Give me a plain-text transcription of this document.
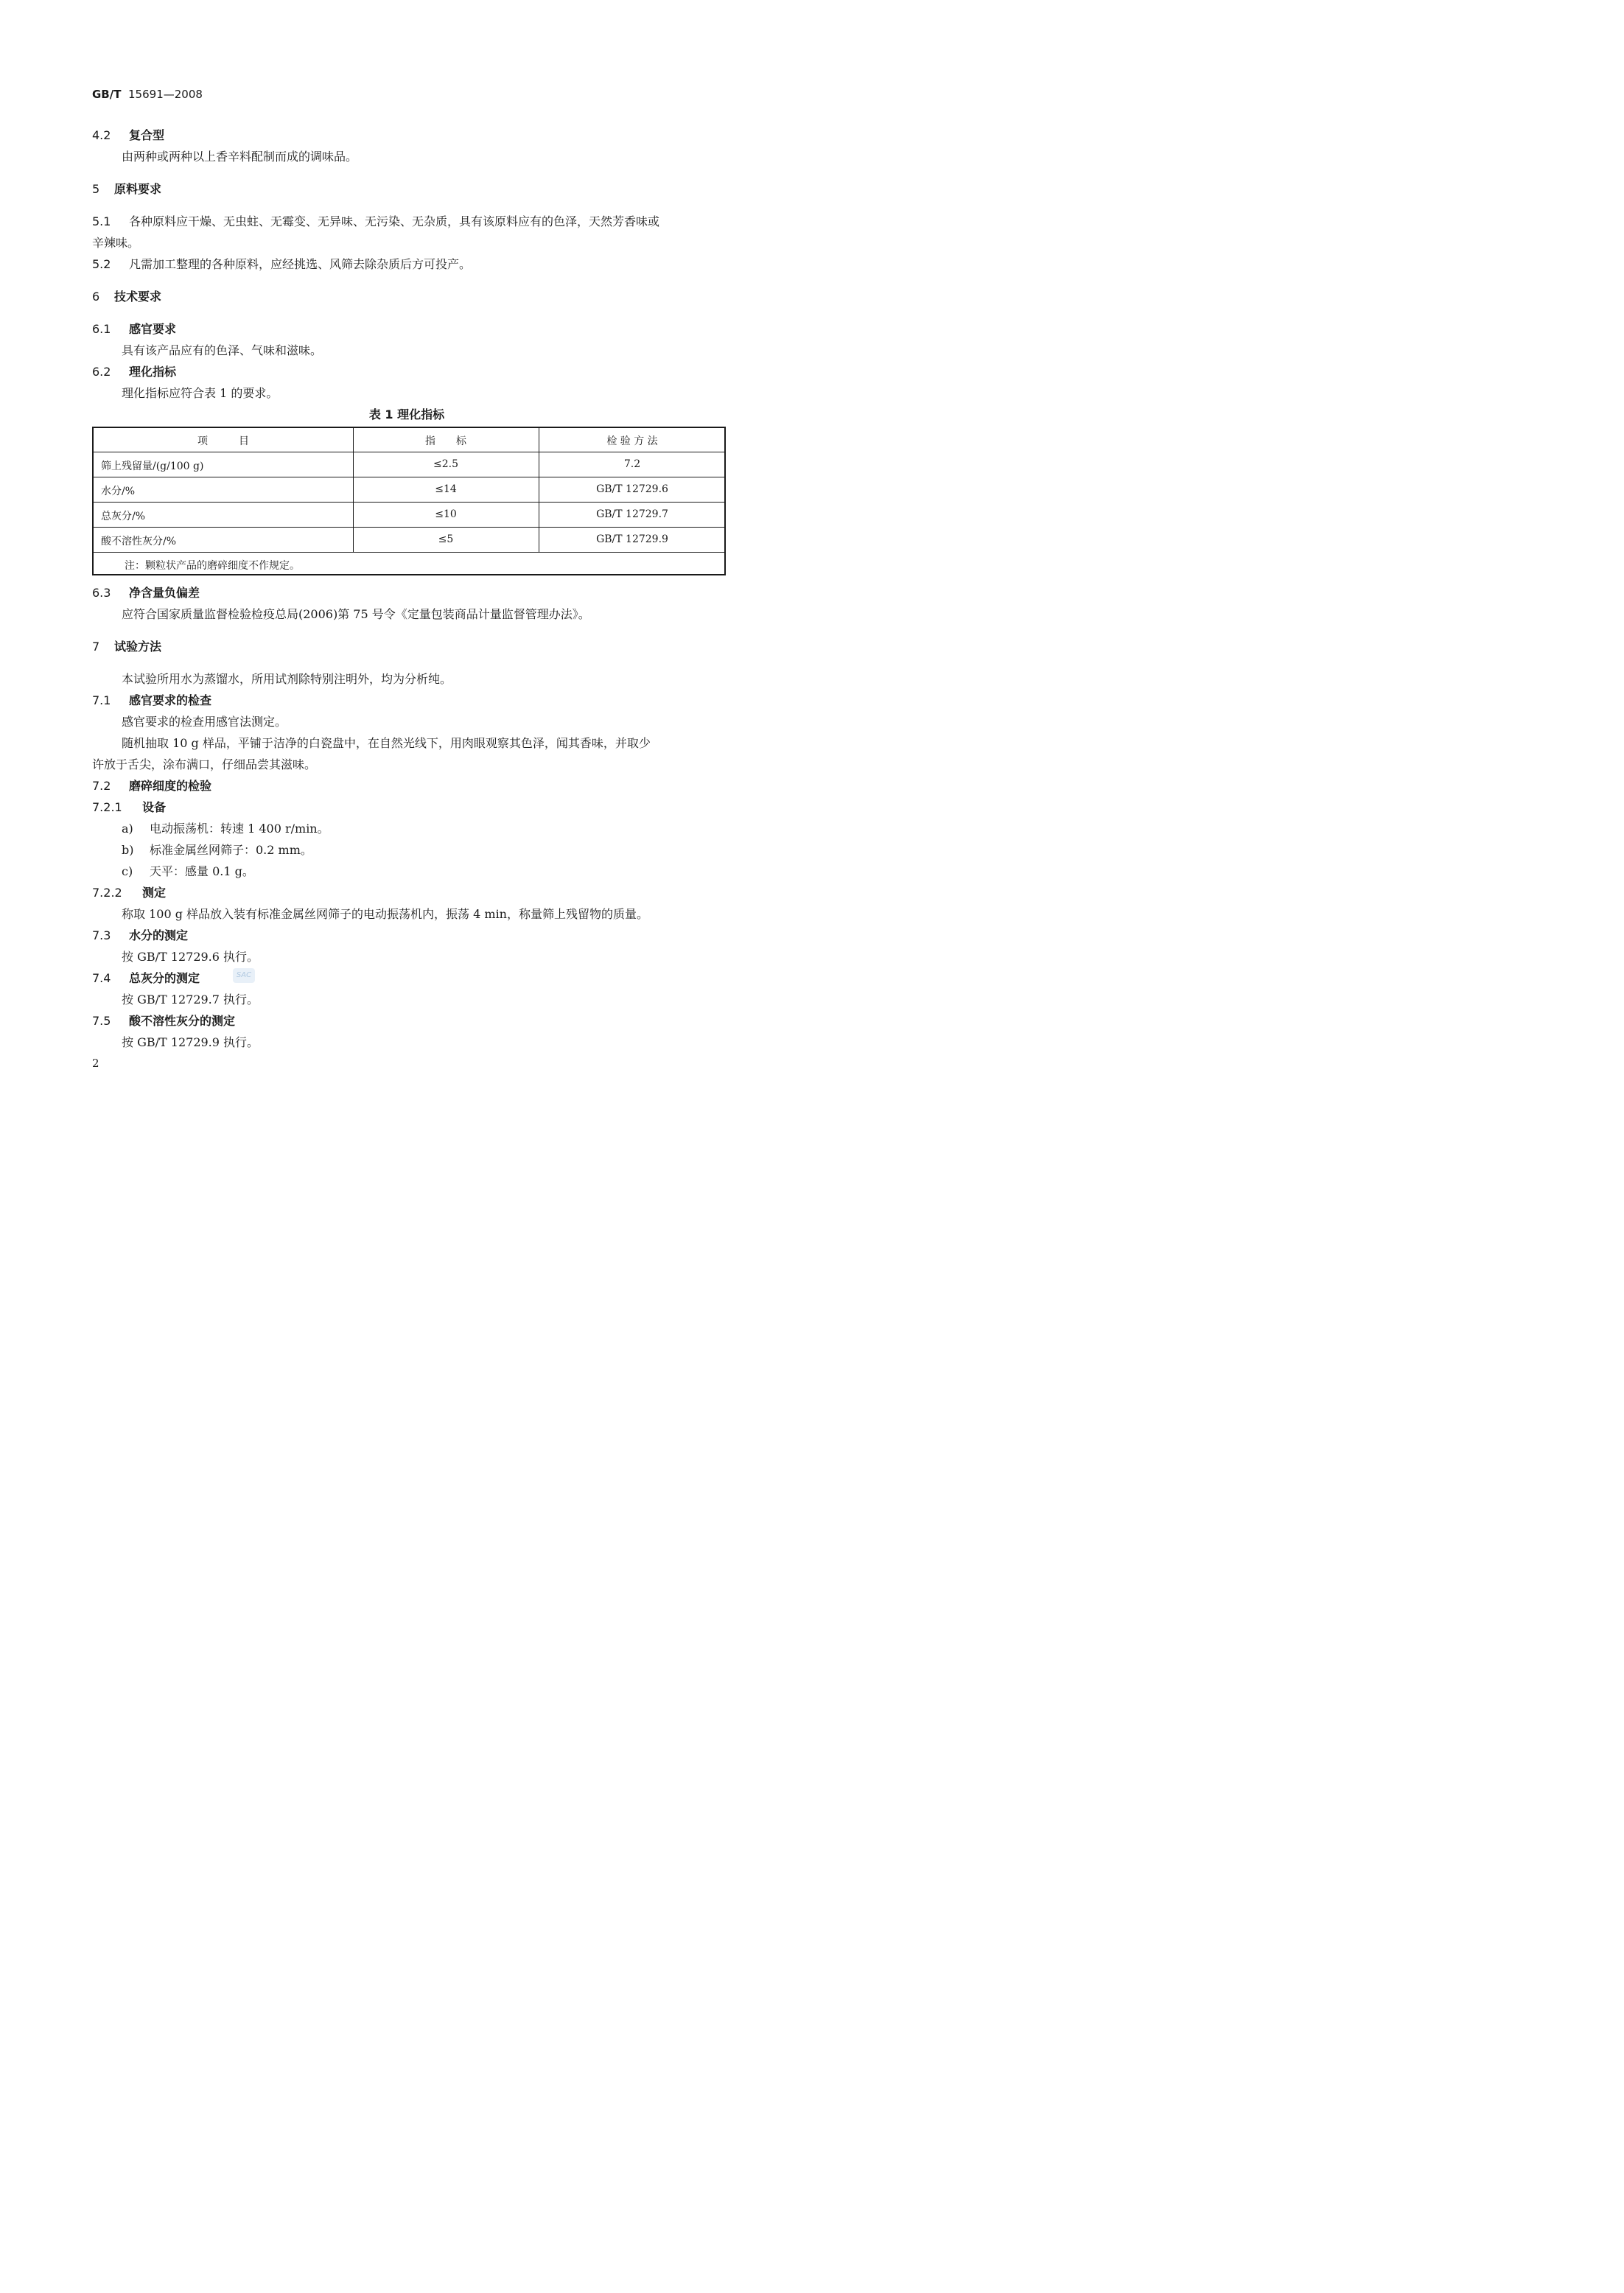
GB/T 15691—2008
4.2 复合型
由两种或两种以上香辛料配制而成的调味品。
5 原料要求
5.1 各种原料应干燥、无虫蛀、无霉变、无异味、无污染、无杂质，具有该原料应有的色泽，天然芳香味或
辛辣味。
5.2 凡需加工整理的各种原料，应经挑选、风筛去除杂质后方可投产。
6 技术要求
6.1 感官要求
具有该产品应有的色泽、气味和滋味。
6.2 理化指标
理化指标应符合表 1 的要求。
表 1 理化指标
项　　　目	指　　标	检 验 方 法
筛上残留量/(g/100 g)	≤2.5	7.2
水分/%	≤14	GB/T 12729.6
总灰分/%	≤10	GB/T 12729.7
酸不溶性灰分/%	≤5	GB/T 12729.9
注：颗粒状产品的磨碎细度不作规定。
6.3 净含量负偏差
应符合国家质量监督检验检疫总局(2006)第 75 号令《定量包装商品计量监督管理办法》。
7 试验方法
本试验所用水为蒸馏水，所用试剂除特别注明外，均为分析纯。
7.1 感官要求的检查
感官要求的检查用感官法测定。
随机抽取 10 g 样品，平铺于洁净的白瓷盘中，在自然光线下，用肉眼观察其色泽，闻其香味，并取少
许放于舌尖，涂布满口，仔细品尝其滋味。
7.2 磨碎细度的检验
7.2.1 设备
a) 电动振荡机：转速 1 400 r/min。
b) 标准金属丝网筛子：0.2 mm。
c) 天平：感量 0.1 g。
7.2.2 测定
称取 100 g 样品放入装有标准金属丝网筛子的电动振荡机内，振荡 4 min，称量筛上残留物的质量。
7.3 水分的测定
按 GB/T 12729.6 执行。
7.4 总灰分的测定	SAC
按 GB/T 12729.7 执行。
7.5 酸不溶性灰分的测定
按 GB/T 12729.9 执行。
2
